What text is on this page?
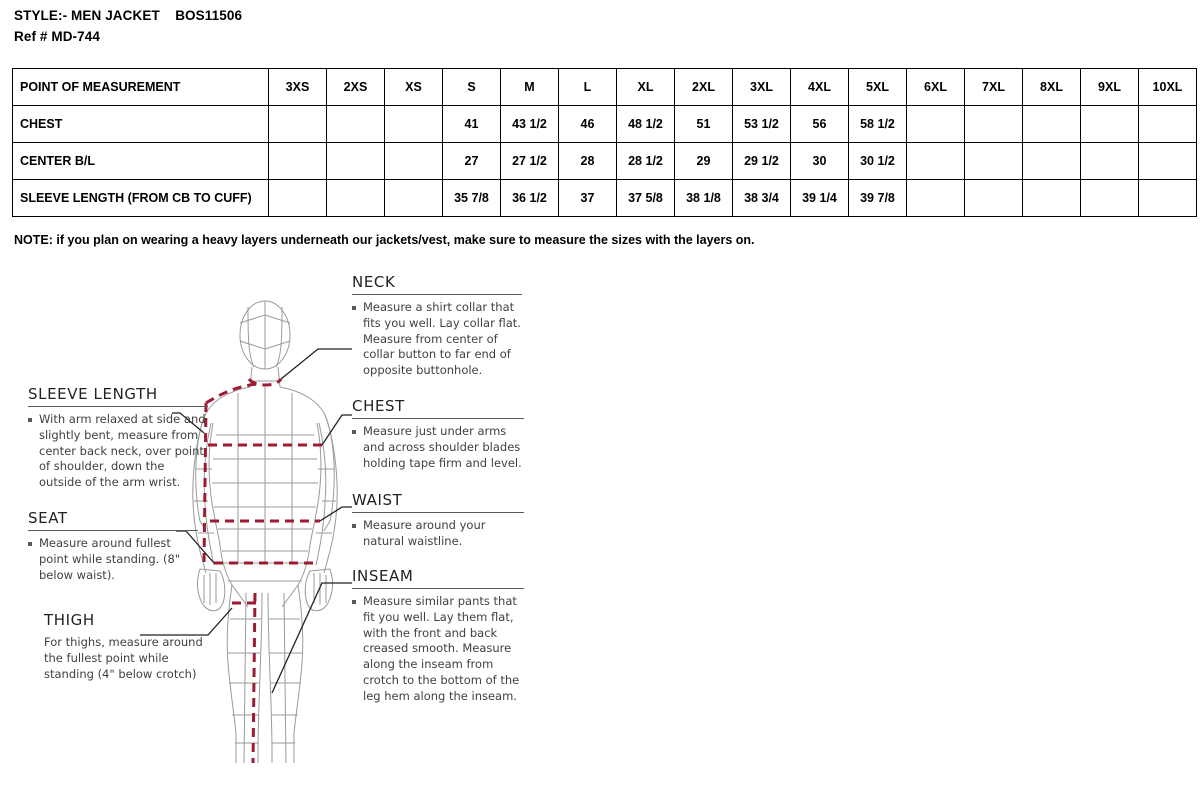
STYLE:- MEN JACKET    BOS11506
Ref # MD-744
POINT OF MEASUREMENT	3XS	2XS	XS	S	M	L	XL	2XL	3XL	4XL	5XL	6XL	7XL	8XL	9XL	10XL
CHEST				41	43 1/2	46	48 1/2	51	53 1/2	56	58 1/2					
CENTER B/L				27	27 1/2	28	28 1/2	29	29 1/2	30	30 1/2					
SLEEVE LENGTH (FROM CB TO CUFF)				35 7/8	36 1/2	37	37 5/8	38 1/8	38 3/4	39 1/4	39 7/8					
NOTE: if you plan on wearing a heavy layers underneath our jackets/vest, make sure to measure the sizes with the layers on.
NECK
Measure a shirt collar that fits you well. Lay collar flat. Measure from center of collar button to far end of opposite buttonhole.
CHEST
Measure just under arms and across shoulder blades holding tape firm and level.
WAIST
Measure around your natural waistline.
INSEAM
Measure similar pants that fit you well. Lay them flat, with the front and back creased smooth. Measure along the inseam from crotch to the bottom of the leg hem along the inseam.
SLEEVE LENGTH
With arm relaxed at side and slightly bent, measure from center back neck, over point of shoulder, down the outside of the arm wrist.
SEAT
Measure around fullest point while standing. (8" below waist).
THIGH
For thighs, measure around the fullest point while standing (4" below crotch)
